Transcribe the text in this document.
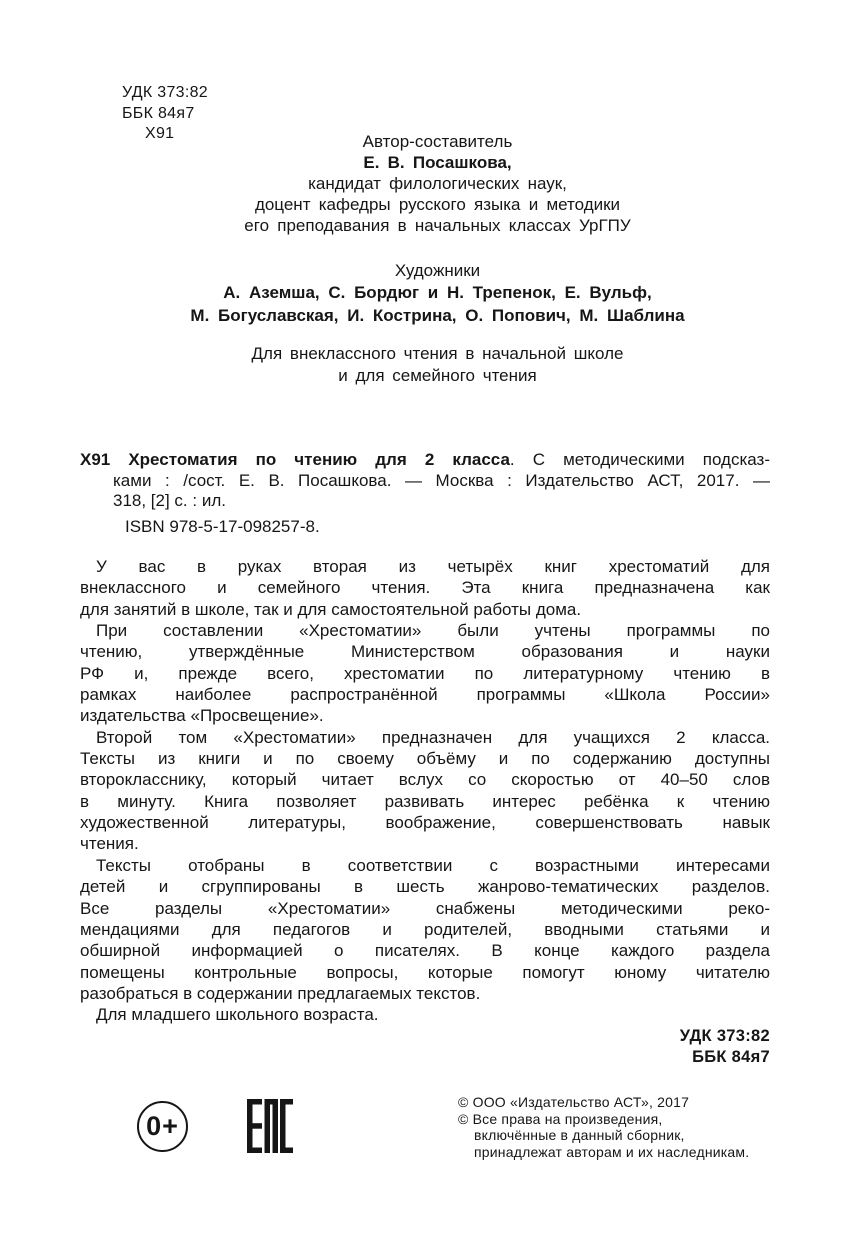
УДК 373:82
ББК 84я7
Х91	Автор-составитель
Е. В. Посашкова,
кандидат филологических наук,
доцент кафедры русского языка и методики
его преподавания в начальных классах УрГПУ
Художники
А. Аземша, С. Бордюг и Н. Трепенок, Е. Вульф,
М. Богуславская, И. Кострина, О. Попович, М. Шаблина
Для внеклассного чтения в начальной школе
и для семейного чтения
Х91 Хрестоматия по чтению для 2 класса. С методическими подсказ-
ками : /сост. Е. В. Посашкова. — Москва : Издательство АСТ, 2017. —
318, [2] с. : ил.
ISBN 978-5-17-098257-8.
У вас в руках вторая из четырёх книг хрестоматий для
внеклассного и семейного чтения. Эта книга предназначена как
для занятий в школе, так и для самостоятельной работы дома.
При составлении «Хрестоматии» были учтены программы по
чтению, утверждённые Министерством образования и науки
РФ и, прежде всего, хрестоматии по литературному чтению в
рамках наиболее распространённой программы «Школа России»
издательства «Просвещение».
Второй том «Хрестоматии» предназначен для учащихся 2 класса.
Тексты из книги и по своему объёму и по содержанию доступны
второкласснику, который читает вслух со скоростью от 40–50 слов
в минуту. Книга позволяет развивать интерес ребёнка к чтению
художественной литературы, воображение, совершенствовать навык
чтения.
Тексты отобраны в соответствии с возрастными интересами
детей и сгруппированы в шесть жанрово-тематических разделов.
Все разделы «Хрестоматии» снабжены методическими реко-
мендациями для педагогов и родителей, вводными статьями и
обширной информацией о писателях. В конце каждого раздела
помещены контрольные вопросы, которые помогут юному читателю
разобраться в содержании предлагаемых текстов.
Для младшего школьного возраста.
УДК 373:82
ББК 84я7
0+
© ООО «Издательство АСТ», 2017
© Все права на произведения,
включённые в данный сборник,
принадлежат авторам и их наследникам.
